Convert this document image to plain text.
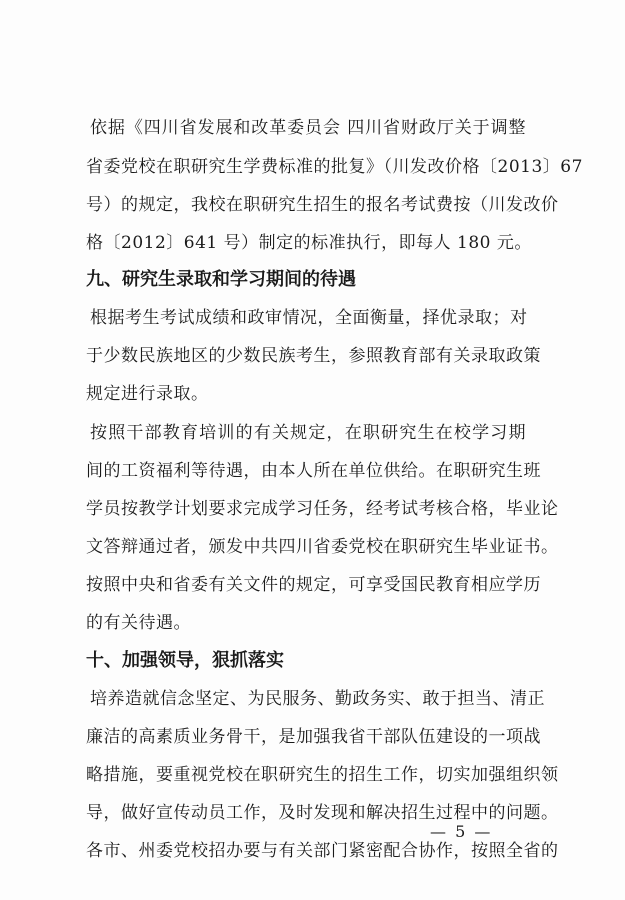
依据《四川省发展和改革委员会 四川省财政厅关于调整
省委党校在职研究生学费标准的批复》（川发改价格〔2013〕67
号）的规定，我校在职研究生招生的报名考试费按（川发改价
格〔2012〕641 号）制定的标准执行，即每人 180 元。
九、研究生录取和学习期间的待遇
根据考生考试成绩和政审情况，全面衡量，择优录取；对
于少数民族地区的少数民族考生，参照教育部有关录取政策
规定进行录取。
按照干部教育培训的有关规定，在职研究生在校学习期
间的工资福利等待遇，由本人所在单位供给。在职研究生班
学员按教学计划要求完成学习任务，经考试考核合格，毕业论
文答辩通过者，颁发中共四川省委党校在职研究生毕业证书。
按照中央和省委有关文件的规定，可享受国民教育相应学历
的有关待遇。
十、加强领导，狠抓落实
培养造就信念坚定、为民服务、勤政务实、敢于担当、清正
廉洁的高素质业务骨干，是加强我省干部队伍建设的一项战
略措施，要重视党校在职研究生的招生工作，切实加强组织领
导，做好宣传动员工作，及时发现和解决招生过程中的问题。
各市、州委党校招办要与有关部门紧密配合协作，按照全省的
— 5 —
